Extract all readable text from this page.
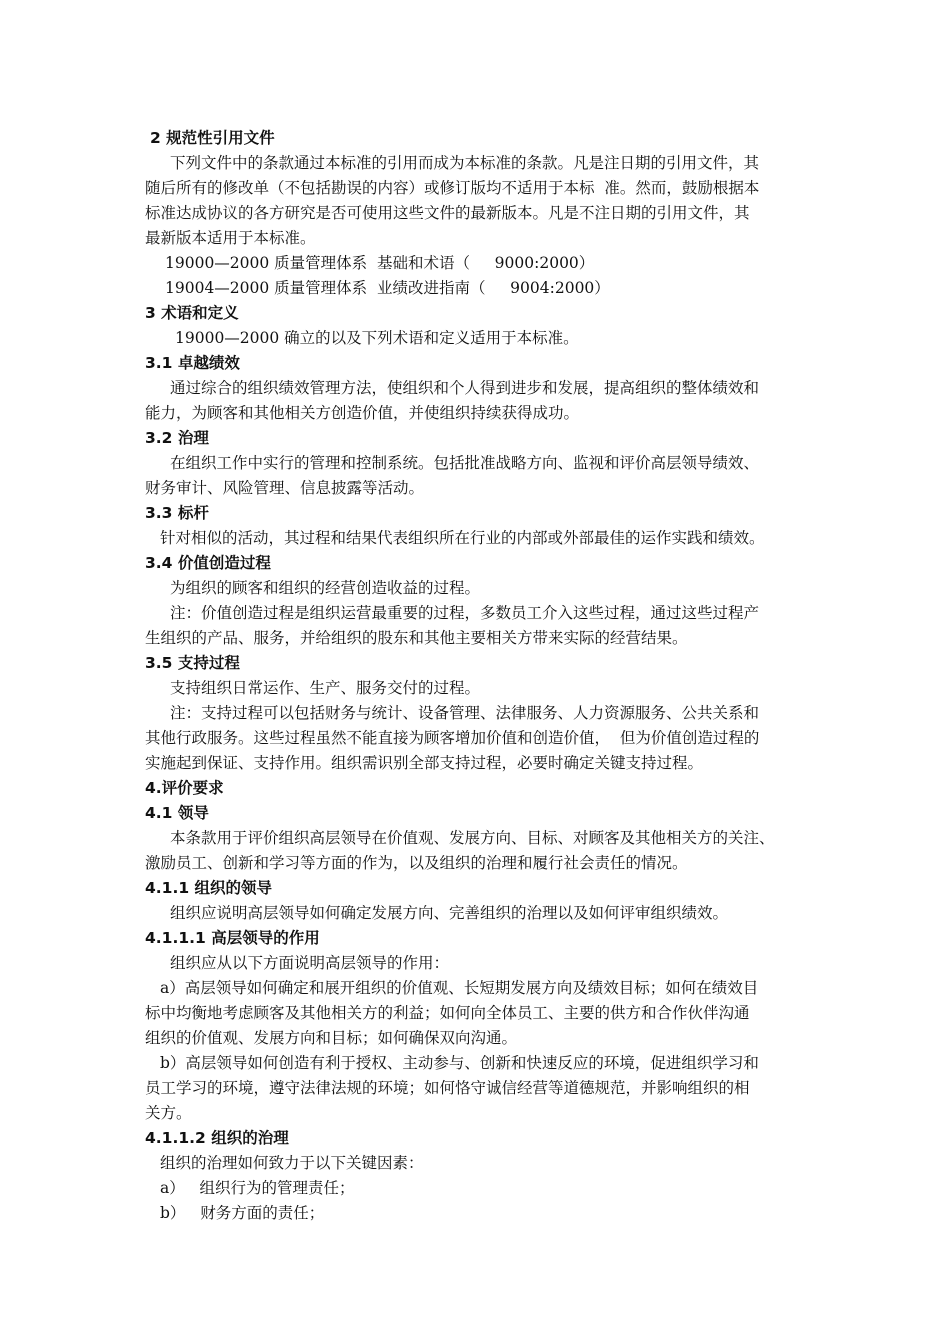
2 规范性引用文件
下列文件中的条款通过本标准的引用而成为本标准的条款。凡是注日期的引用文件，其
随后所有的修改单（不包括勘误的内容）或修订版均不适用于本标  准。然而，鼓励根据本
标准达成协议的各方研究是否可使用这些文件的最新版本。凡是不注日期的引用文件，其
最新版本适用于本标准。
19000—2000 质量管理体系  基础和术语（     9000:2000）
19004—2000 质量管理体系  业绩改进指南（     9004:2000）
3 术语和定义
19000—2000 确立的以及下列术语和定义适用于本标准。
3.1 卓越绩效
通过综合的组织绩效管理方法，使组织和个人得到进步和发展，提高组织的整体绩效和
能力，为顾客和其他相关方创造价值，并使组织持续获得成功。
3.2 治理
在组织工作中实行的管理和控制系统。包括批准战略方向、监视和评价高层领导绩效、
财务审计、风险管理、信息披露等活动。
3.3 标杆
针对相似的活动，其过程和结果代表组织所在行业的内部或外部最佳的运作实践和绩效。
3.4 价值创造过程
为组织的顾客和组织的经营创造收益的过程。
注：价值创造过程是组织运营最重要的过程，多数员工介入这些过程，通过这些过程产
生组织的产品、服务，并给组织的股东和其他主要相关方带来实际的经营结果。
3.5 支持过程
支持组织日常运作、生产、服务交付的过程。
注：支持过程可以包括财务与统计、设备管理、法律服务、人力资源服务、公共关系和
其他行政服务。这些过程虽然不能直接为顾客增加价值和创造价值，  但为价值创造过程的
实施起到保证、支持作用。组织需识别全部支持过程，必要时确定关键支持过程。
4.评价要求
4.1 领导
本条款用于评价组织高层领导在价值观、发展方向、目标、对顾客及其他相关方的关注、
激励员工、创新和学习等方面的作为，以及组织的治理和履行社会责任的情况。
4.1.1 组织的领导
组织应说明高层领导如何确定发展方向、完善组织的治理以及如何评审组织绩效。
4.1.1.1 高层领导的作用
组织应从以下方面说明高层领导的作用：
a）高层领导如何确定和展开组织的价值观、长短期发展方向及绩效目标；如何在绩效目
标中均衡地考虑顾客及其他相关方的利益；如何向全体员工、主要的供方和合作伙伴沟通
组织的价值观、发展方向和目标；如何确保双向沟通。
b）高层领导如何创造有利于授权、主动参与、创新和快速反应的环境，促进组织学习和
员工学习的环境，遵守法律法规的环境；如何恪守诚信经营等道德规范，并影响组织的相
关方。
4.1.1.2 组织的治理
组织的治理如何致力于以下关键因素：
a）   组织行为的管理责任；
b）   财务方面的责任；
